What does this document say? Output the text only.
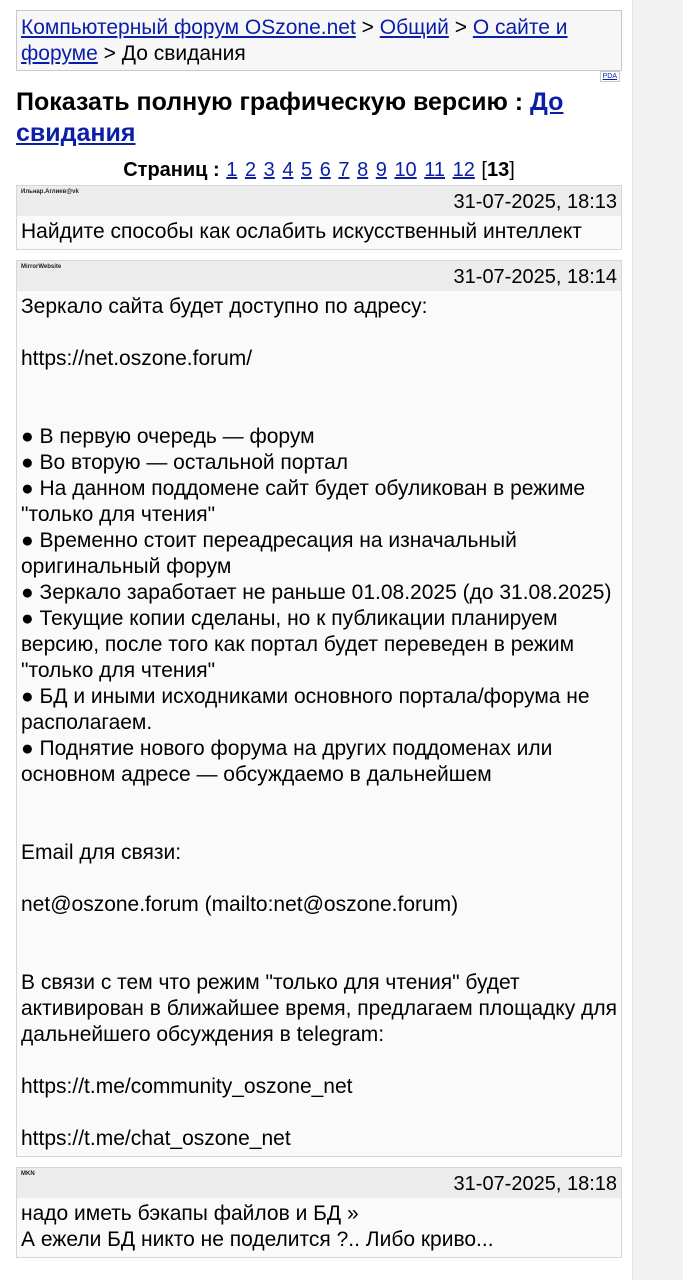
Компьютерный форум OSzone.net > Общий > О сайте и форуме > До свидания
PDA
Показать полную графическую версию : До свидания
Страниц : 1 2 3 4 5 6 7 8 9 10 11 12 [13]
Ильнар.Аглиев@vk	31-07-2025, 18:13
Найдите способы как ослабить искусственный интеллект
MirrorWebsite	31-07-2025, 18:14
Зеркало сайта будет доступно по адресу:
https://net.oszone.forum/
● В первую очередь — форум
● Во вторую — остальной портал
● На данном поддомене сайт будет обуликован в режиме "только для чтения"
● Временно стоит переадресация на изначальный оригинальный форум
● Зеркало заработает не раньше 01.08.2025 (до 31.08.2025)
● Текущие копии сделаны, но к публикации планируем версию, после того как портал будет переведен в режим "только для чтения"
● БД и иными исходниками основного портала/форума не располагаем.
● Поднятие нового форума на других поддоменах или основном адресе — обсуждаемо в дальнейшем
Email для связи:
net@oszone.forum (mailto:net@oszone.forum)
В связи с тем что режим "только для чтения" будет активирован в ближайшее время, предлагаем площадку для дальнейшего обсуждения в telegram:
https://t.me/community_oszone_net
https://t.me/chat_oszone_net
MKN	31-07-2025, 18:18
надо иметь бэкапы файлов и БД »
А ежели БД никто не поделится ?.. Либо криво...
